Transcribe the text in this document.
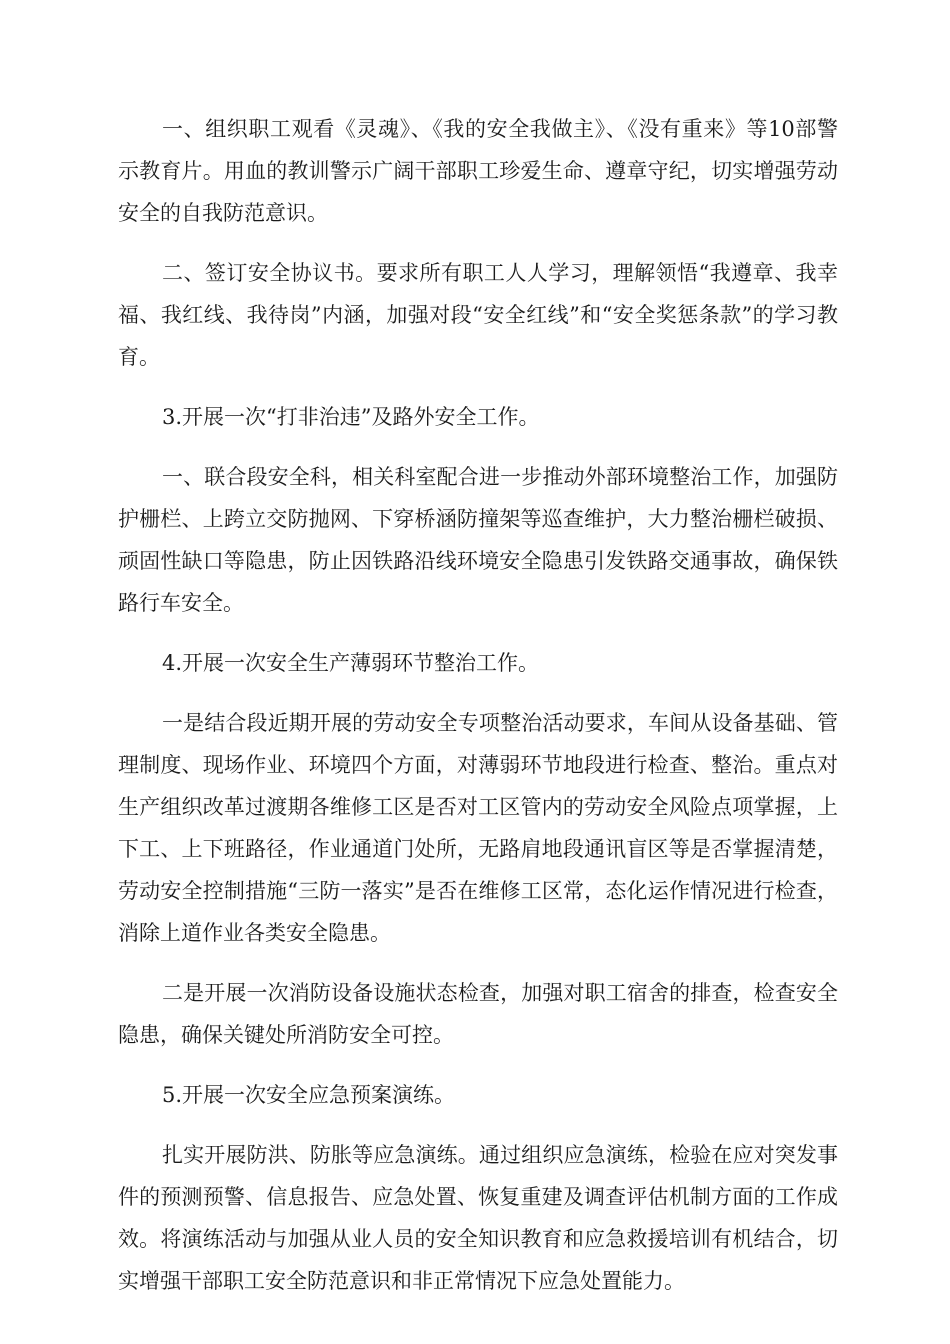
一、组织职工观看《灵魂》、《我的安全我做主》、《没有重来》等10部警示教育片。用血的教训警示广阔干部职工珍爱生命、遵章守纪，切实增强劳动安全的自我防范意识。

二、签订安全协议书。要求所有职工人人学习，理解领悟“我遵章、我幸福、我红线、我待岗”内涵，加强对段“安全红线”和“安全奖惩条款”的学习教育。

3.开展一次“打非治违”及路外安全工作。

一、联合段安全科，相关科室配合进一步推动外部环境整治工作，加强防护栅栏、上跨立交防抛网、下穿桥涵防撞架等巡查维护，大力整治栅栏破损、顽固性缺口等隐患，防止因铁路沿线环境安全隐患引发铁路交通事故，确保铁路行车安全。

4.开展一次安全生产薄弱环节整治工作。

一是结合段近期开展的劳动安全专项整治活动要求，车间从设备基础、管理制度、现场作业、环境四个方面，对薄弱环节地段进行检查、整治。重点对生产组织改革过渡期各维修工区是否对工区管内的劳动安全风险点项掌握，上下工、上下班路径，作业通道门处所，无路肩地段通讯盲区等是否掌握清楚，劳动安全控制措施“三防一落实”是否在维修工区常，态化运作情况进行检查，消除上道作业各类安全隐患。

二是开展一次消防设备设施状态检查，加强对职工宿舍的排查，检查安全隐患，确保关键处所消防安全可控。

5.开展一次安全应急预案演练。

扎实开展防洪、防胀等应急演练。通过组织应急演练，检验在应对突发事件的预测预警、信息报告、应急处置、恢复重建及调查评估机制方面的工作成效。将演练活动与加强从业人员的安全知识教育和应急救援培训有机结合，切实增强干部职工安全防范意识和非正常情况下应急处置能力。
